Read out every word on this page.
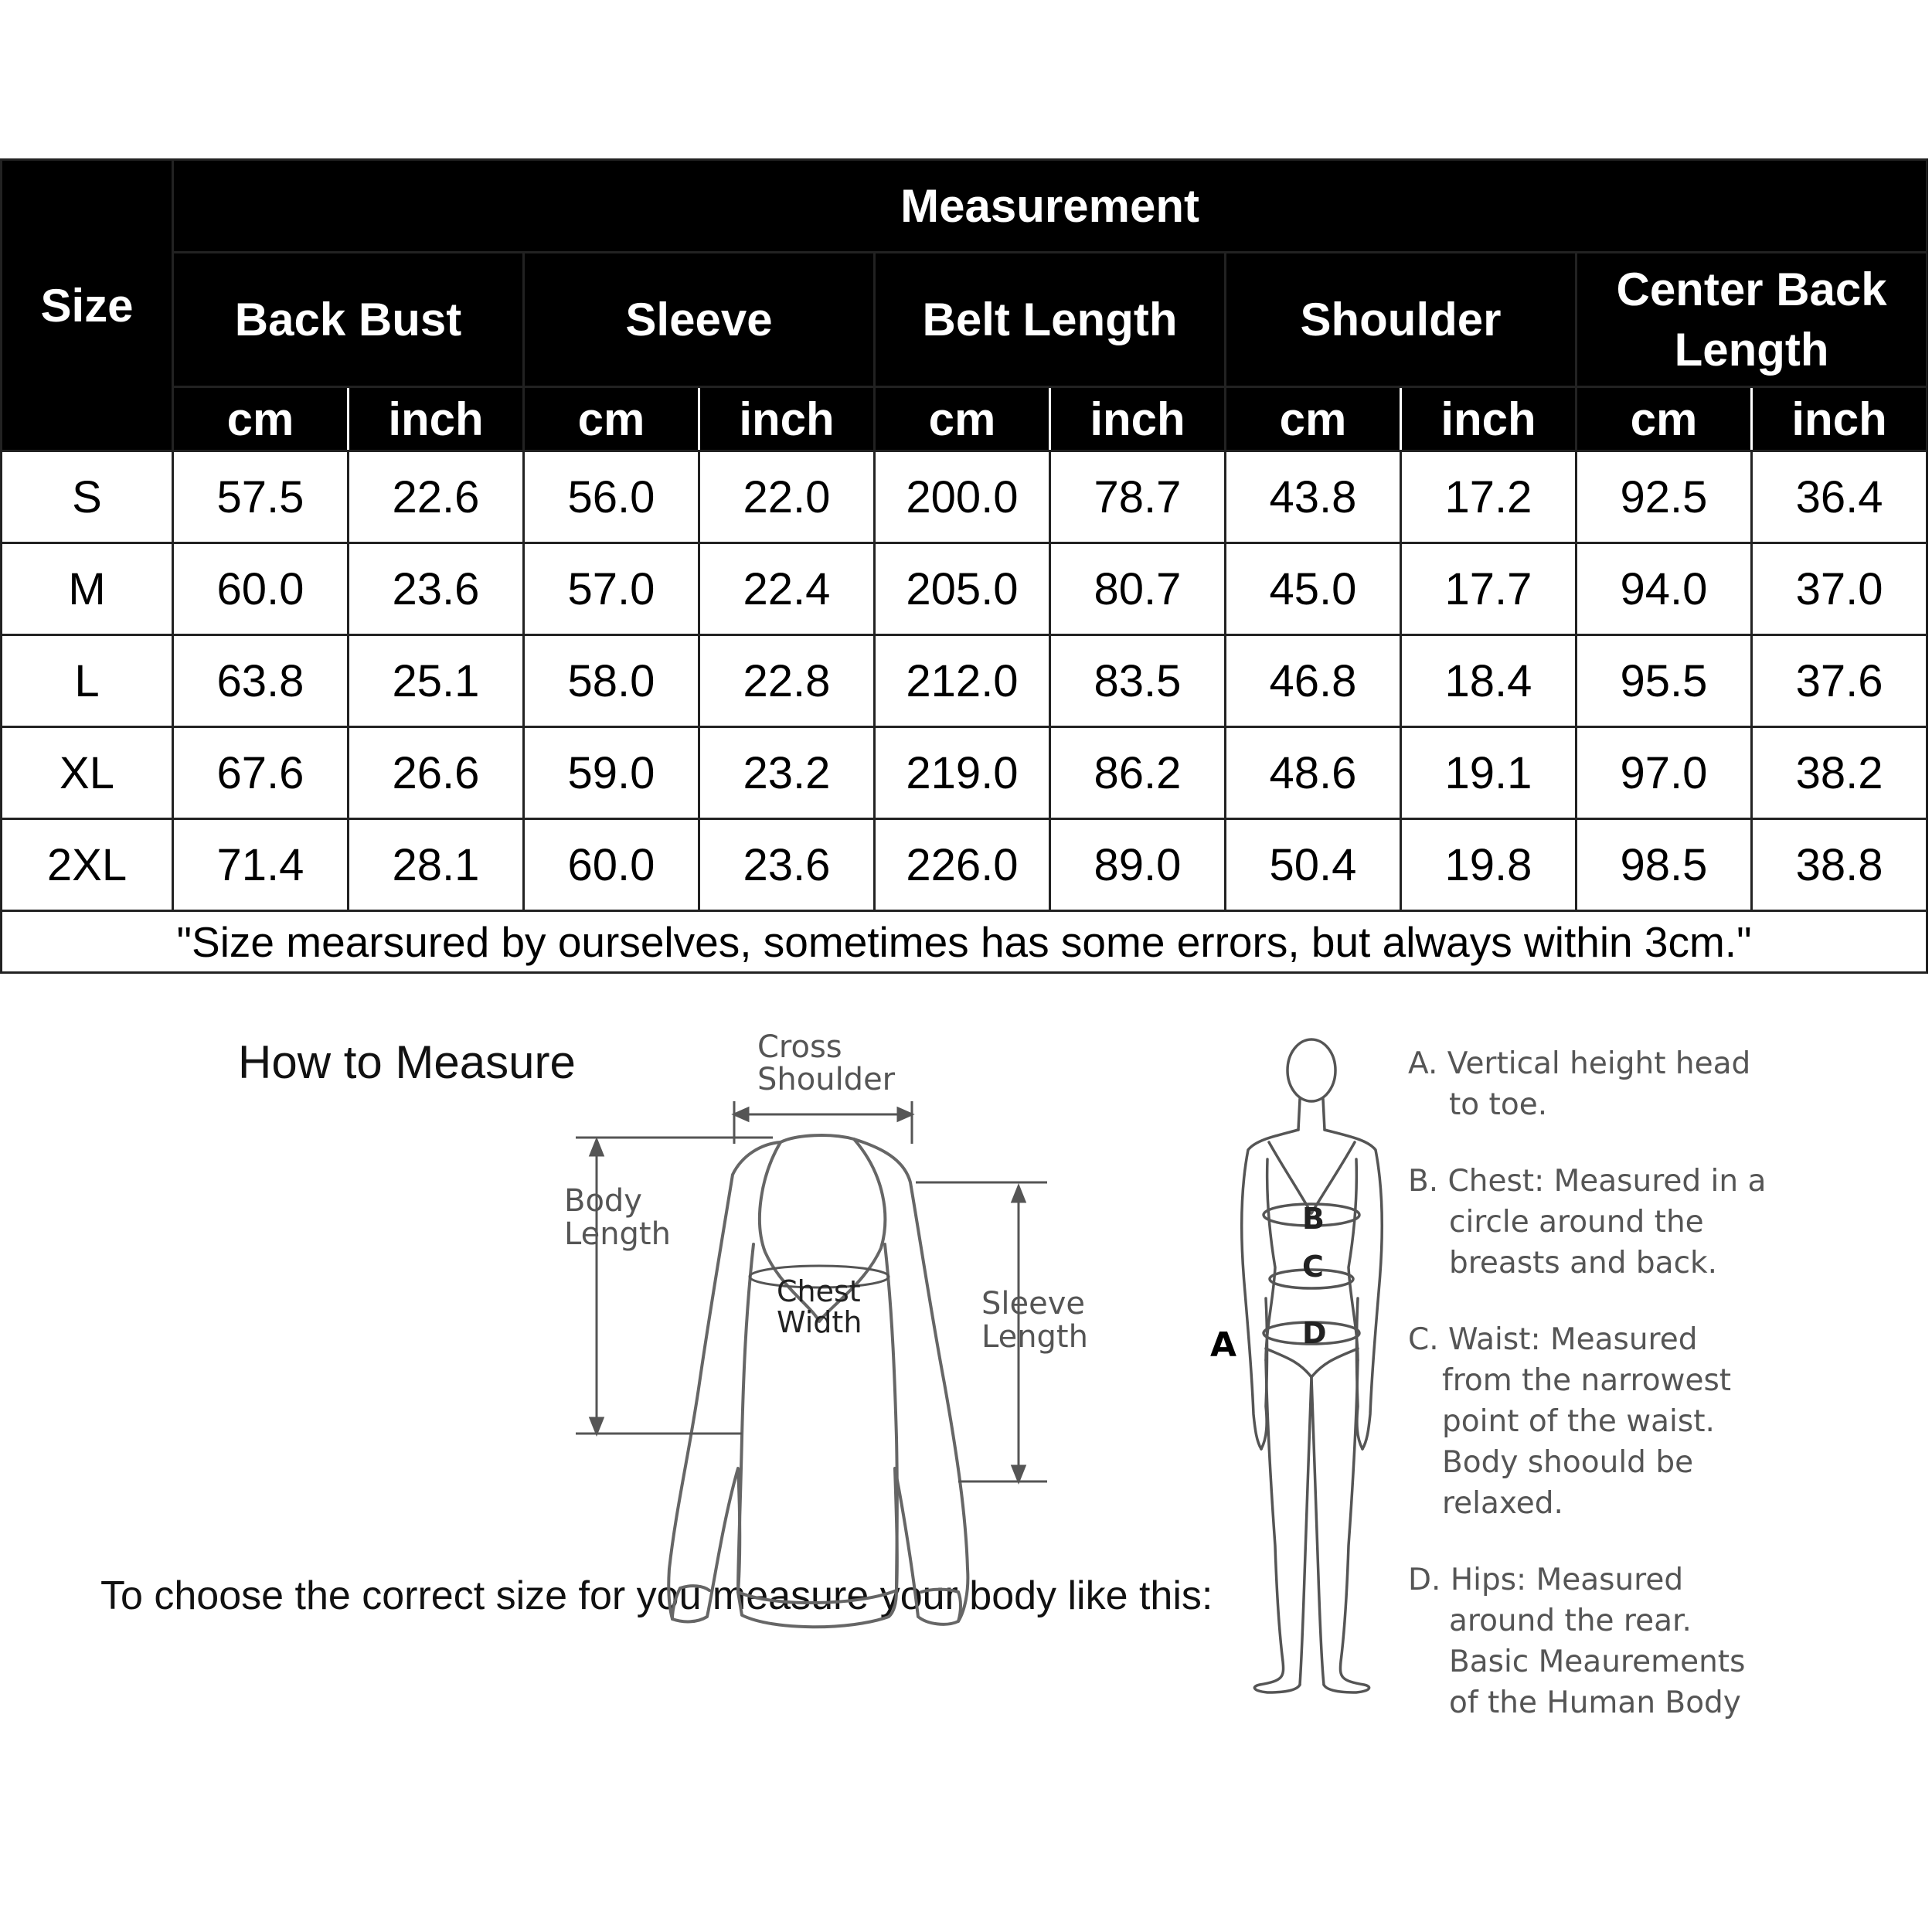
Size	Measurement									
	Back Bust		Sleeve		Belt Length		Shoulder		Center Back
Length	
	cm	inch	cm	inch	cm	inch	cm	inch	cm	inch
S	57.5	22.6	56.0	22.0	200.0	78.7	43.8	17.2	92.5	36.4
M	60.0	23.6	57.0	22.4	205.0	80.7	45.0	17.7	94.0	37.0
L	63.8	25.1	58.0	22.8	212.0	83.5	46.8	18.4	95.5	37.6
XL	67.6	26.6	59.0	23.2	219.0	86.2	48.6	19.1	97.0	38.2
2XL	71.4	28.1	60.0	23.6	226.0	89.0	50.4	19.8	98.5	38.8
"Size mearsured by ourselves, sometimes has some errors, but always within 3cm."										
How to Measure
To choose the correct size for you measure your body like this:
Cross
Shoulder
Body
Length
Chest
Width
Sleeve
Length
B
C
D
A
A. Vertical height head
to toe.
B. Chest: Measured in a
circle around the
breasts and back.
C. Waist: Measured
from the narrowest
point of the waist.
Body shoould be
relaxed.
D. Hips: Measured
around the rear.
Basic Meaurements
of the Human Body
